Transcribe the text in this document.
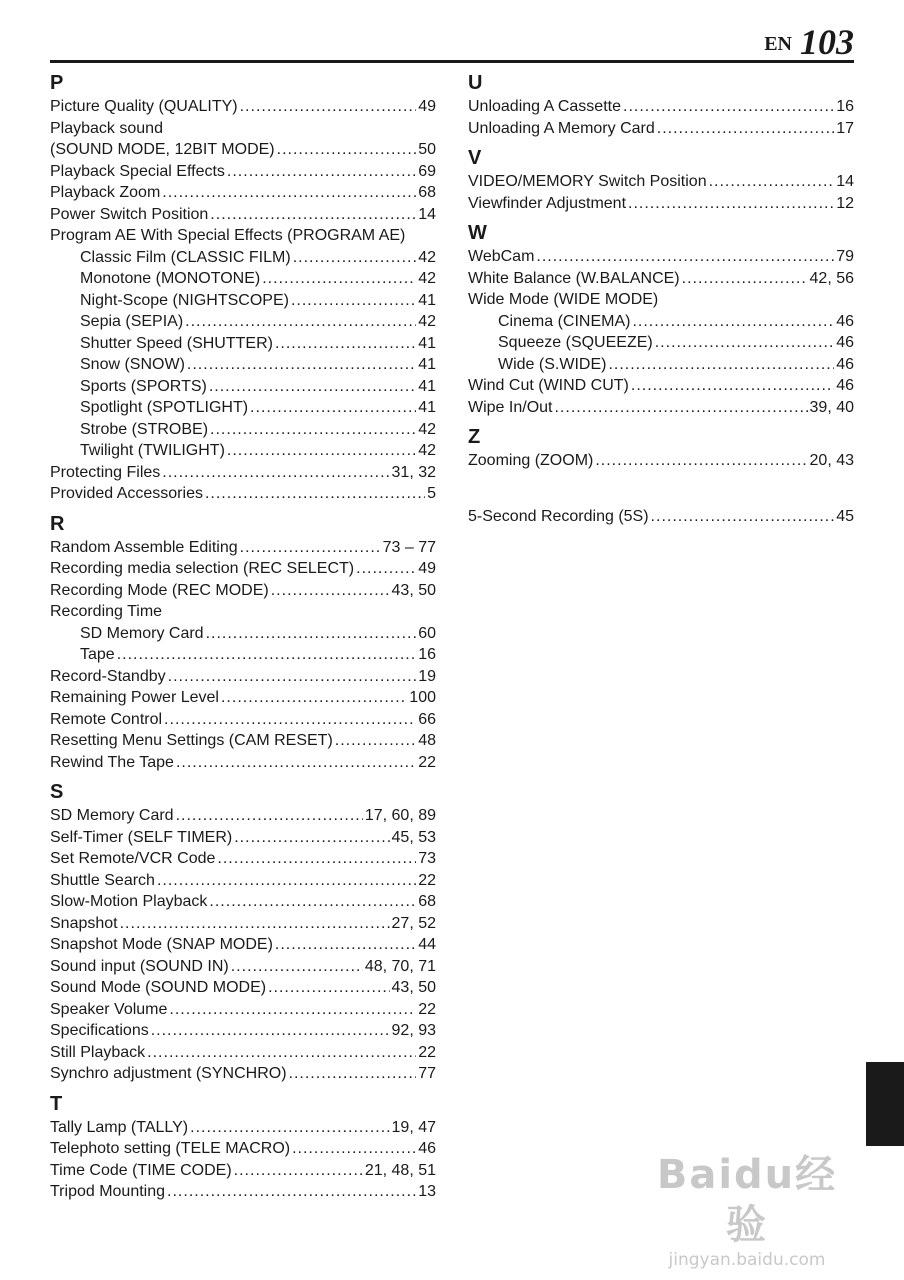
EN 103
P
Picture Quality (QUALITY) .....	49
Playback sound
(SOUND MODE, 12BIT MODE) .....	50
Playback Special Effects .....	69
Playback Zoom .....	68
Power Switch Position .....	14
Program AE With Special Effects (PROGRAM AE)
Classic Film (CLASSIC FILM) .....	42
Monotone (MONOTONE) .....	42
Night-Scope (NIGHTSCOPE) .....	41
Sepia (SEPIA) .....	42
Shutter Speed (SHUTTER) .....	41
Snow (SNOW) .....	41
Sports (SPORTS) .....	41
Spotlight (SPOTLIGHT) .....	41
Strobe (STROBE) .....	42
Twilight (TWILIGHT) .....	42
Protecting Files .....	31, 32
Provided Accessories .....	5
R
Random Assemble Editing .....	73 – 77
Recording media selection (REC SELECT) .....	49
Recording Mode (REC MODE) .....	43, 50
Recording Time
SD Memory Card .....	60
Tape .....	16
Record-Standby .....	19
Remaining Power Level .....	100
Remote Control .....	66
Resetting Menu Settings (CAM RESET) .....	48
Rewind The Tape .....	22
S
SD Memory Card .....	17, 60, 89
Self-Timer (SELF TIMER) .....	45, 53
Set Remote/VCR Code .....	73
Shuttle Search .....	22
Slow-Motion Playback .....	68
Snapshot .....	27, 52
Snapshot Mode (SNAP MODE) .....	44
Sound input (SOUND IN) .....	48, 70, 71
Sound Mode (SOUND MODE) .....	43, 50
Speaker Volume .....	22
Specifications .....	92, 93
Still Playback .....	22
Synchro adjustment (SYNCHRO) .....	77
T
Tally Lamp (TALLY) .....	19, 47
Telephoto setting (TELE MACRO) .....	46
Time Code (TIME CODE) .....	21, 48, 51
Tripod Mounting .....	13
U
Unloading A Cassette .....	16
Unloading A Memory Card .....	17
V
VIDEO/MEMORY Switch Position .....	14
Viewfinder Adjustment .....	12
W
WebCam .....	79
White Balance (W.BALANCE) .....	42, 56
Wide Mode (WIDE MODE)
Cinema (CINEMA) .....	46
Squeeze (SQUEEZE) .....	46
Wide (S.WIDE) .....	46
Wind Cut (WIND CUT) .....	46
Wipe In/Out .....	39, 40
Z
Zooming (ZOOM) .....	20, 43
5-Second Recording (5S) .....	45
Baidu经验
jingyan.baidu.com
